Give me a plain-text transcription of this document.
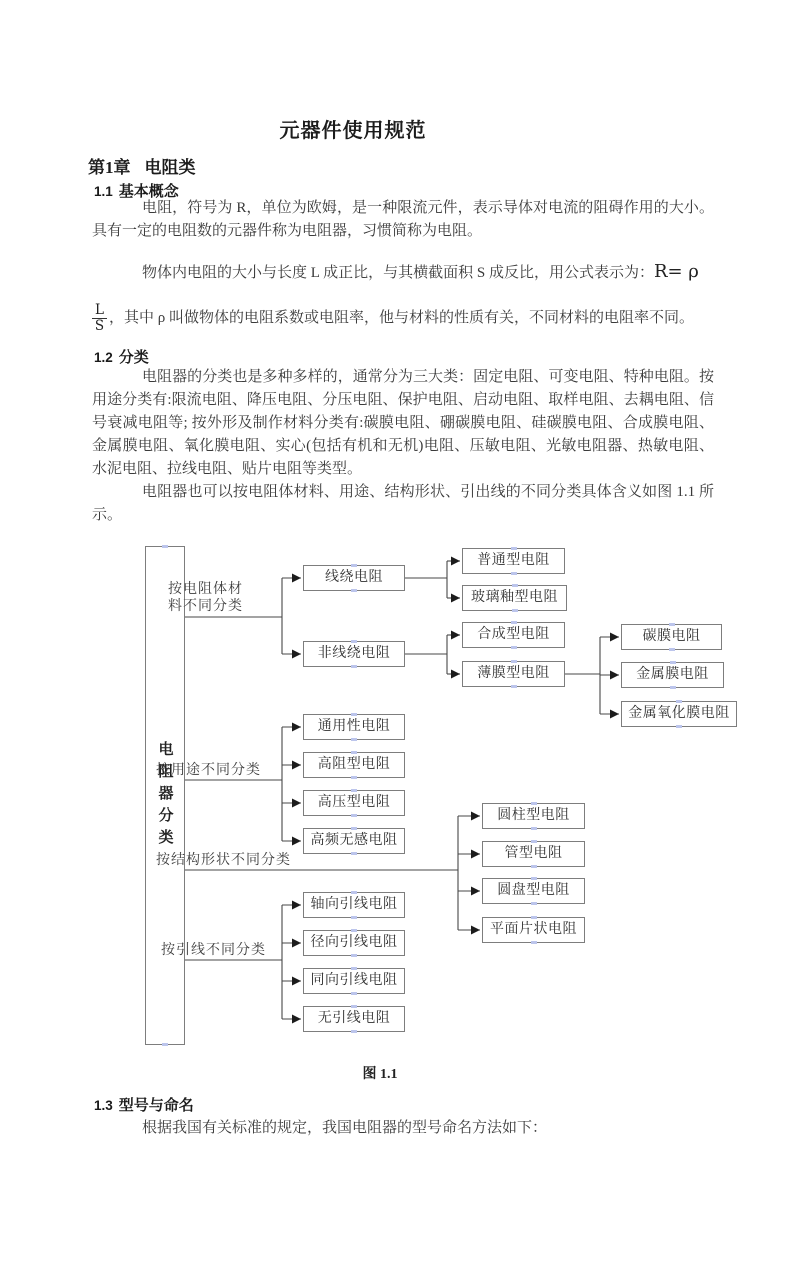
元器件使用规范
第1章 电阻类
1.1 基本概念
电阻，符号为 R，单位为欧姆，是一种限流元件，表示导体对电流的阻碍作用的大小。具有一定的电阻数的元器件称为电阻器，习惯简称为电阻。
物体内电阻的大小与长度 L 成正比，与其横截面积 S 成反比，用公式表示为：R= ρ
$\frac{L}{S}$ ，其中 ρ 叫做物体的电阻系数或电阻率，他与材料的性质有关，不同材料的电阻率不同。
1.2 分类
电阻器的分类也是多种多样的，通常分为三大类：固定电阻、可变电阻、特种电阻。按用途分类有:限流电阻、降压电阻、分压电阻、保护电阻、启动电阻、取样电阻、去耦电阻、信号衰减电阻等; 按外形及制作材料分类有:碳膜电阻、硼碳膜电阻、硅碳膜电阻、合成膜电阻、金属膜电阻、氧化膜电阻、实心(包括有机和无机)电阻、压敏电阻、光敏电阻器、热敏电阻、水泥电阻、拉线电阻、贴片电阻等类型。
电阻器也可以按电阻体材料、用途、结构形状、引出线的不同分类具体含义如图 1.1 所示。
电阻器分类
按电阻体材料不同分类
按用途不同分类
按结构形状不同分类
按引线不同分类
线绕电阻
非线绕电阻
普通型电阻
玻璃釉型电阻
合成型电阻
薄膜型电阻
碳膜电阻
金属膜电阻
金属氧化膜电阻
通用性电阻
高阻型电阻
高压型电阻
高频无感电阻
圆柱型电阻
管型电阻
圆盘型电阻
平面片状电阻
轴向引线电阻
径向引线电阻
同向引线电阻
无引线电阻
图 1.1
1.3 型号与命名
根据我国有关标准的规定，我国电阻器的型号命名方法如下：
